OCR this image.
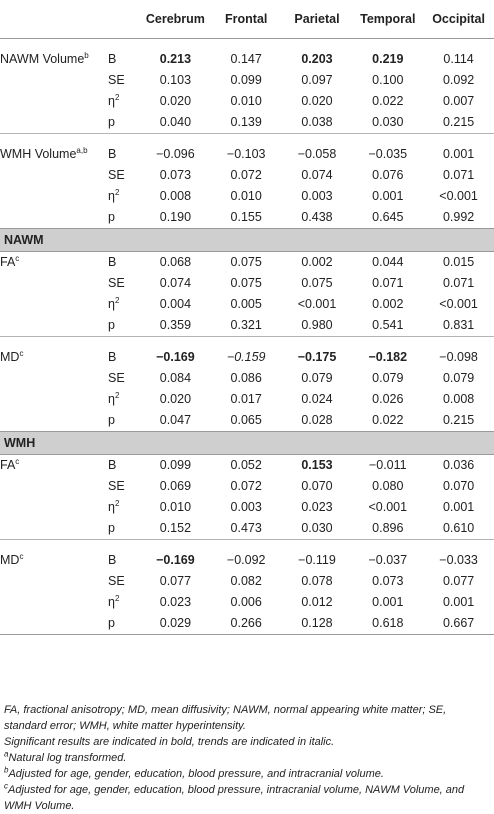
		Cerebrum	Frontal	Parietal	Temporal	Occipital

NAWM Volume$^b$	B	0.213	0.147	0.203	0.219	0.114
	SE	0.103	0.099	0.097	0.100	0.092
	$\eta^2$	0.020	0.010	0.020	0.022	0.007
	p	0.040	0.139	0.038	0.030	0.215

WMH Volume$^{a,b}$	B	−0.096	−0.103	−0.058	−0.035	0.001
	SE	0.073	0.072	0.074	0.076	0.071
	$\eta^2$	0.008	0.010	0.003	0.001	<0.001
	p	0.190	0.155	0.438	0.645	0.992
NAWM						
$FA^c$	B	0.068	0.075	0.002	0.044	0.015
	SE	0.074	0.075	0.075	0.071	0.071
	$\eta^2$	0.004	0.005	<0.001	0.002	<0.001
	p	0.359	0.321	0.980	0.541	0.831

$MD^c$	B	−0.169	−0.159	−0.175	−0.182	−0.098
	SE	0.084	0.086	0.079	0.079	0.079
	$\eta^2$	0.020	0.017	0.024	0.026	0.008
	p	0.047	0.065	0.028	0.022	0.215
WMH						
$FA^c$	B	0.099	0.052	0.153	−0.011	0.036
	SE	0.069	0.072	0.070	0.080	0.070
	$\eta^2$	0.010	0.003	0.023	<0.001	0.001
	p	0.152	0.473	0.030	0.896	0.610

$MD^c$	B	−0.169	−0.092	−0.119	−0.037	−0.033
	SE	0.077	0.082	0.078	0.073	0.077
	$\eta^2$	0.023	0.006	0.012	0.001	0.001
	p	0.029	0.266	0.128	0.618	0.667

FA, fractional anisotropy; MD, mean diffusivity; NAWM, normal appearing white matter; SE, standard error; WMH, white matter hyperintensity.

Significant results are indicated in bold, trends are indicated in italic.

$^a$Natural log transformed.

$^b$Adjusted for age, gender, education, blood pressure, and intracranial volume.

$^c$Adjusted for age, gender, education, blood pressure, intracranial volume, NAWM Volume, and WMH Volume.
